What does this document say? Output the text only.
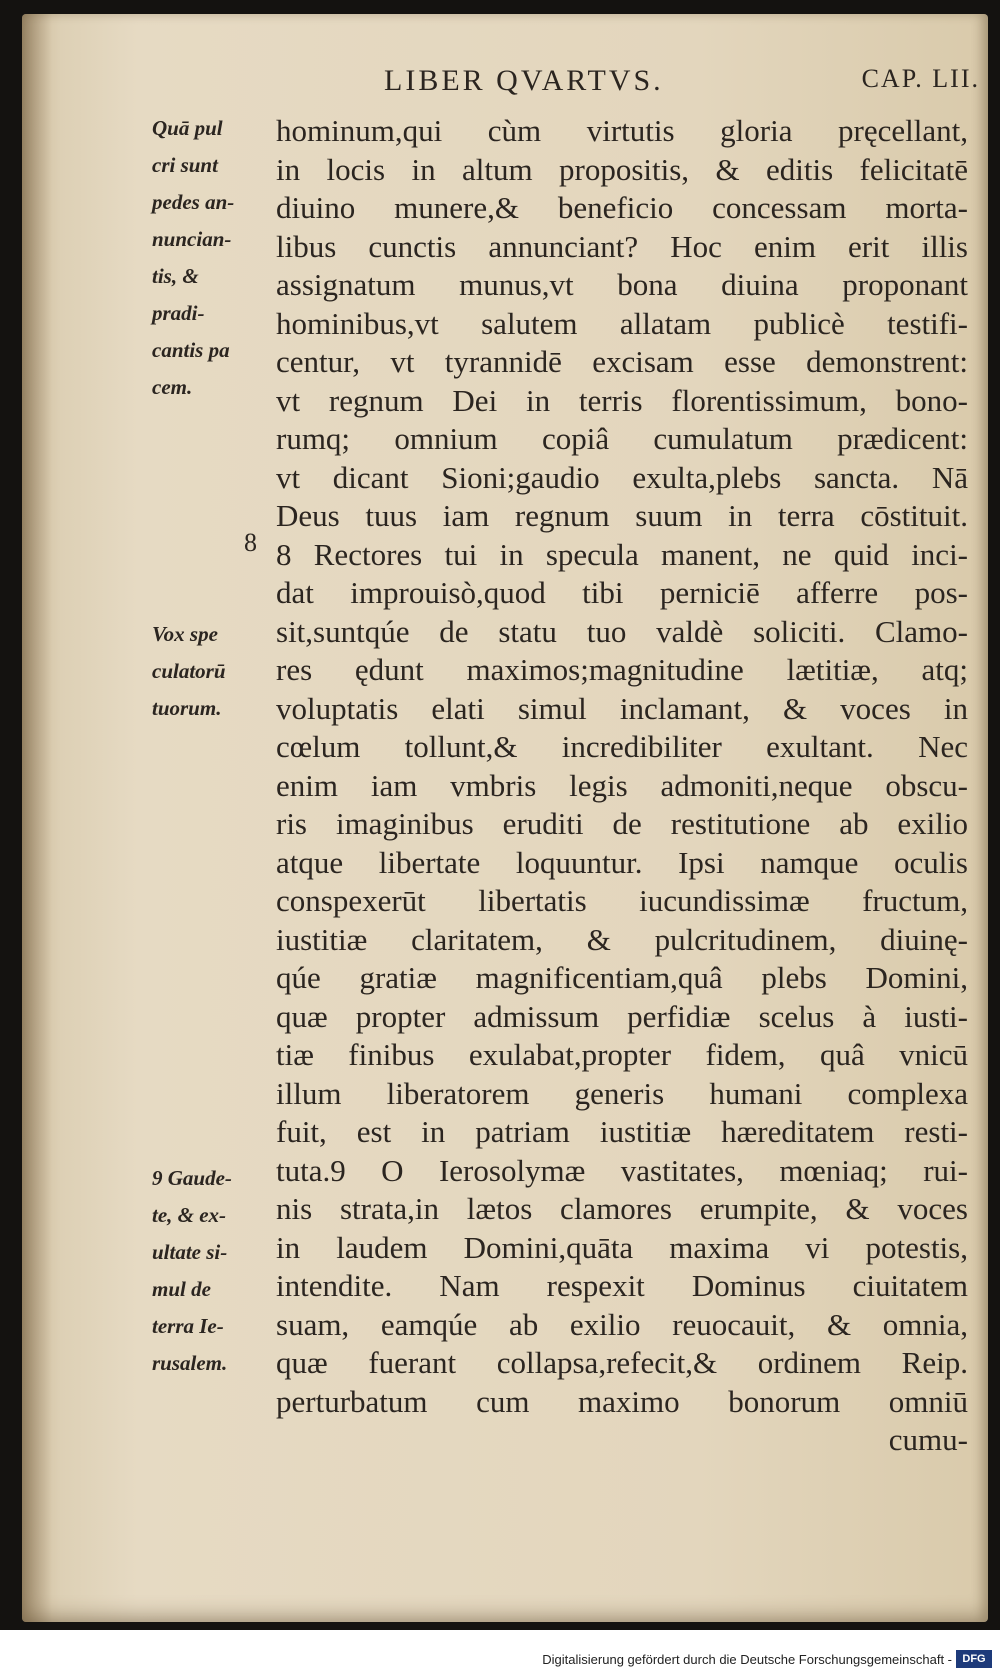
LIBER QVARTVS.	CAP. LII.
Quā pul
cri sunt
pedes an-
nuncian-
tis, &
pradi-
cantis pa
cem.
Vox spe
culatorū
tuorum.
9 Gaude-
te, & ex-
ultate si-
mul de
terra Ie-
rusalem.
8
hominum,qui cùm virtutis gloria pręcellant,
in locis in altum propositis, & editis felicitatē
diuino munere,& beneficio concessam morta-
libus cunctis annunciant? Hoc enim erit illis
assignatum munus,vt bona diuina proponant
hominibus,vt salutem allatam publicè testifi-
centur, vt tyrannidē excisam esse demonstrent:
vt regnum Dei in terris florentissimum, bono-
rumq; omnium copiâ cumulatum prædicent:
vt dicant Sioni;gaudio exulta,plebs sancta. Nā
Deus tuus iam regnum suum in terra cōstituit.
8 Rectores tui in specula manent, ne quid inci-
dat improuisò,quod tibi perniciē afferre pos-
sit,suntqúe de statu tuo valdè soliciti. Clamo-
res ędunt maximos;magnitudine lætitiæ, atq;
voluptatis elati simul inclamant, & voces in
cœlum tollunt,& incredibiliter exultant. Nec
enim iam vmbris legis admoniti,neque obscu-
ris imaginibus eruditi de restitutione ab exilio
atque libertate loquuntur. Ipsi namque oculis
conspexerūt libertatis iucundissimæ fructum,
iustitiæ claritatem, & pulcritudinem, diuinę-
qúe gratiæ magnificentiam,quâ plebs Domini,
quæ propter admissum perfidiæ scelus à iusti-
tiæ finibus exulabat,propter fidem, quâ vnicū
illum liberatorem generis humani complexa
fuit, est in patriam iustitiæ hæreditatem resti-
tuta.9 O Ierosolymæ vastitates, mœniaq; rui-
nis strata,in lætos clamores erumpite, & voces
in laudem Domini,quāta maxima vi potestis,
intendite. Nam respexit Dominus ciuitatem
suam, eamqúe ab exilio reuocauit, & omnia,
quæ fuerant collapsa,refecit,& ordinem Reip.
perturbatum cum maximo bonorum omniū
cumu-
Digitalisierung gefördert durch die Deutsche Forschungsgemeinschaft - DFG
